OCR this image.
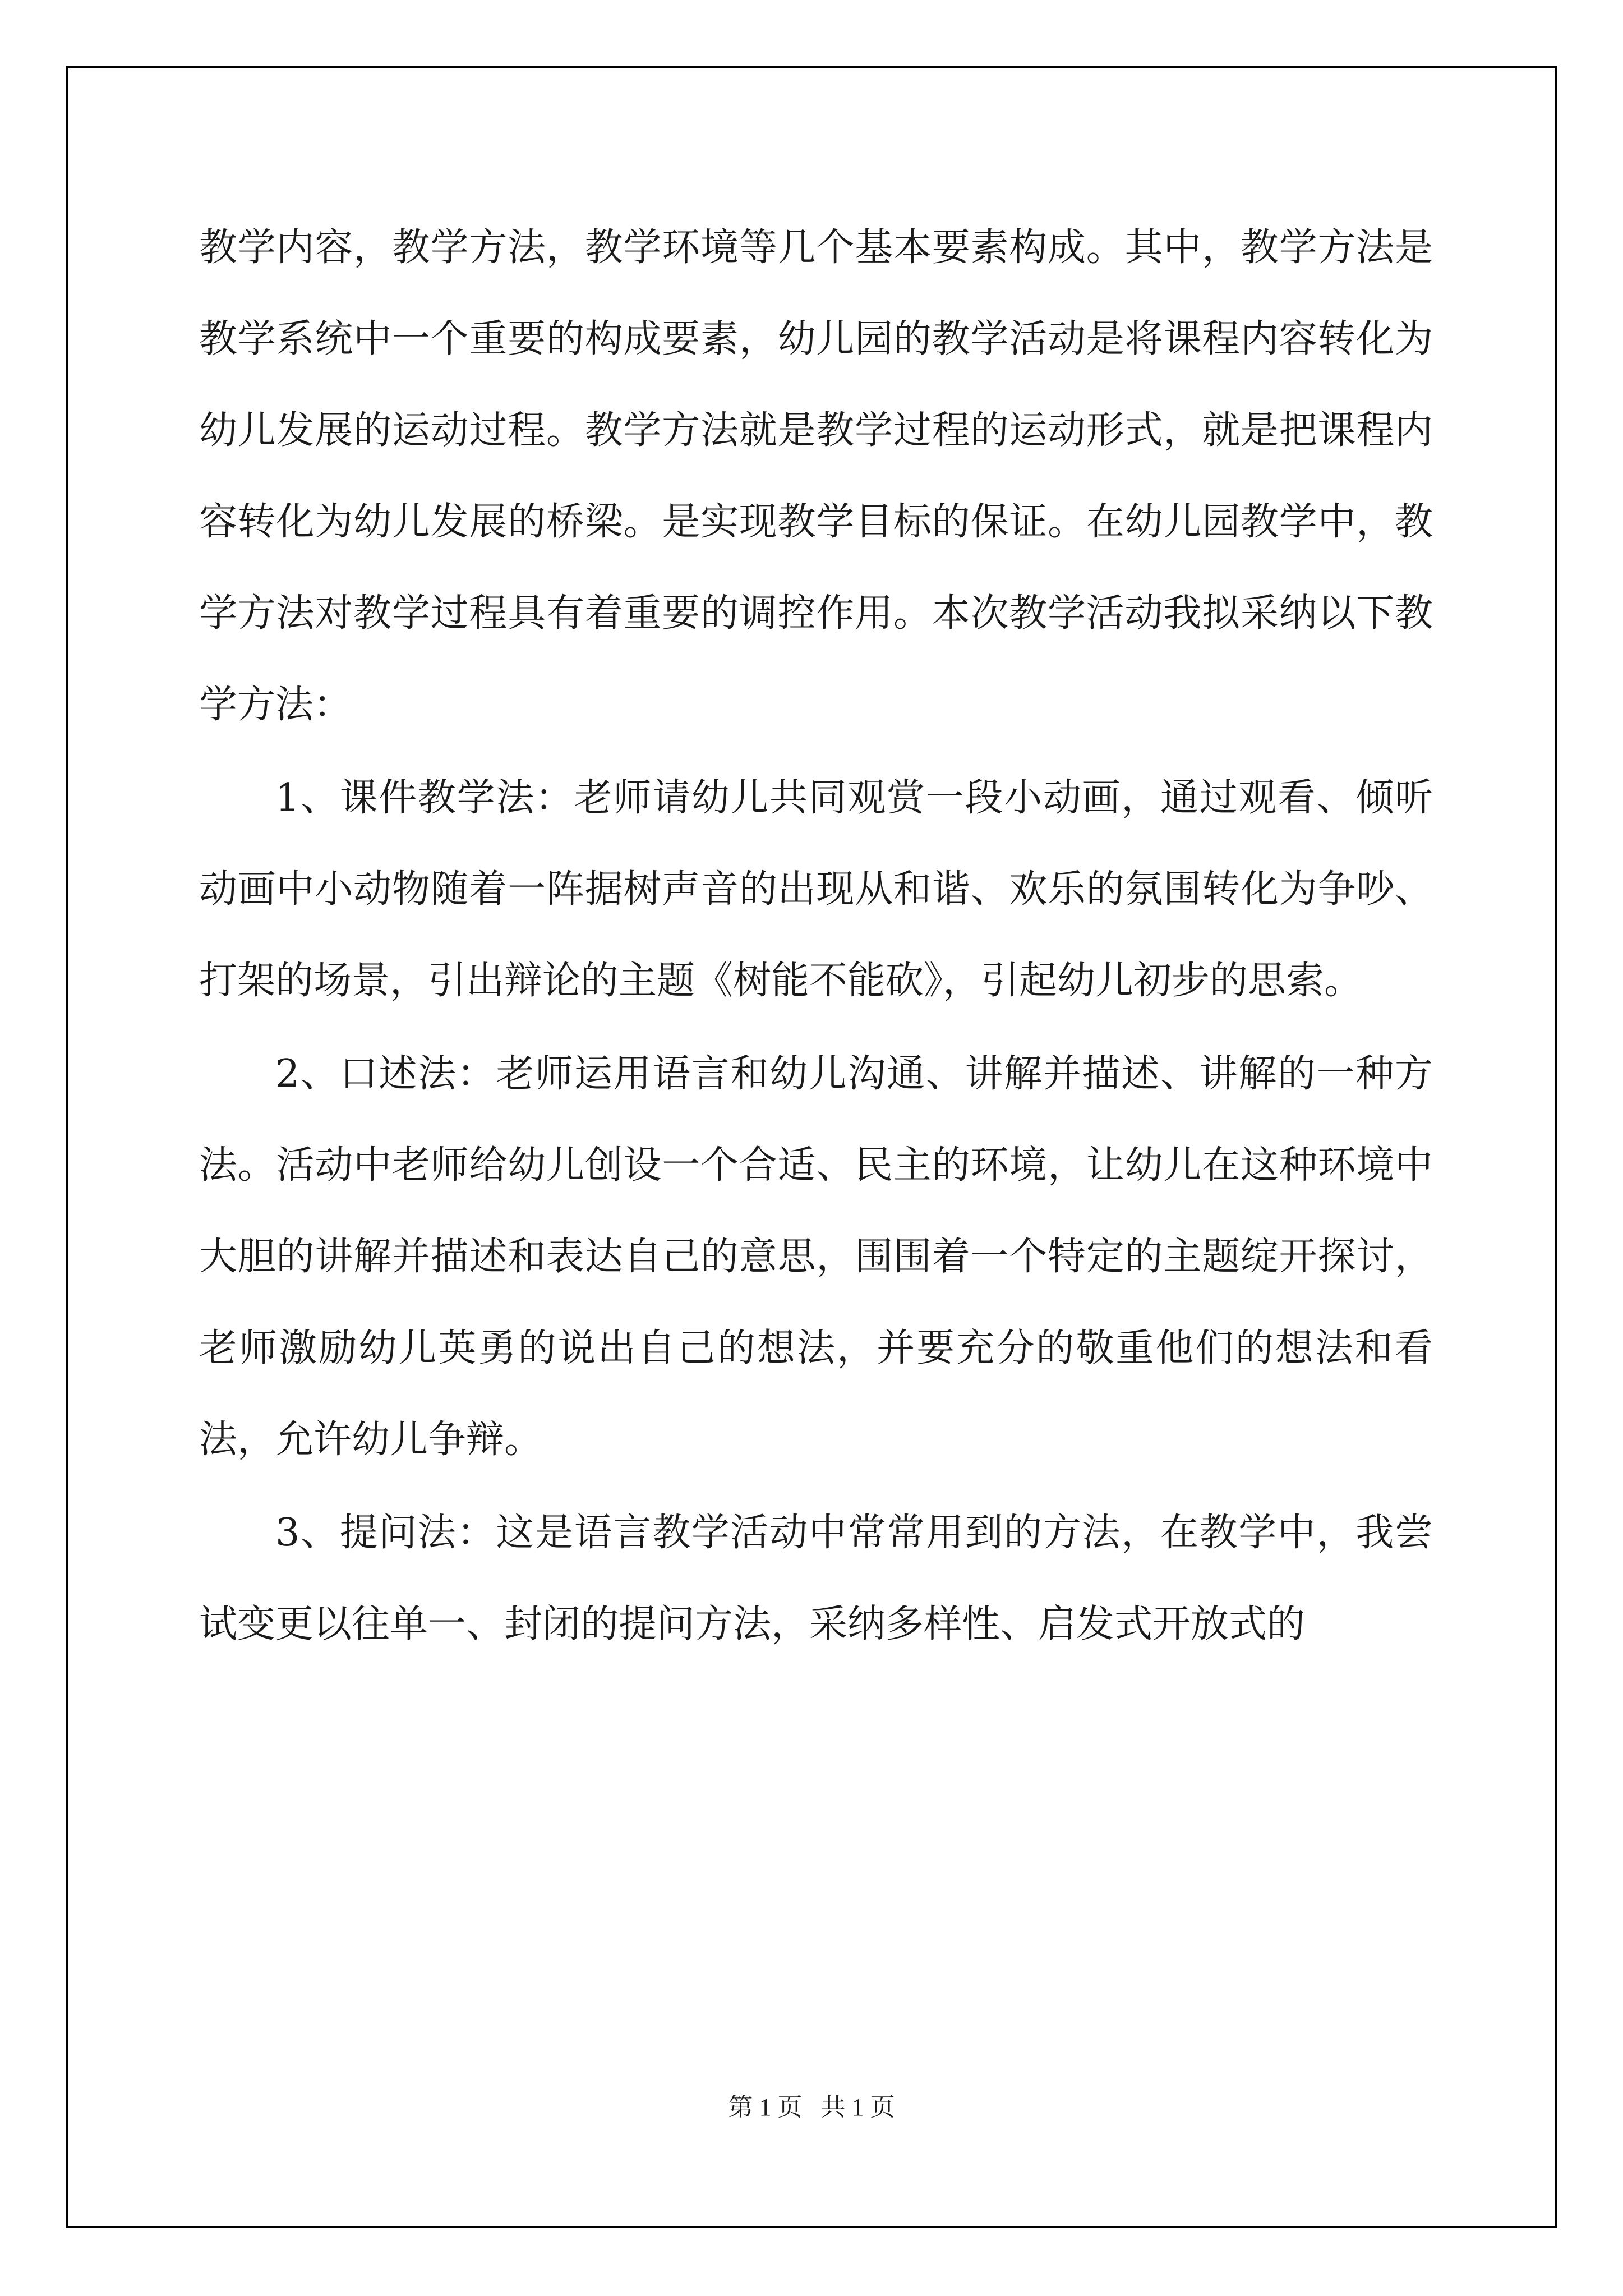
教学内容，教学方法，教学环境等几个基本要素构成。其中，教学方法是教学系统中一个重要的构成要素，幼儿园的教学活动是将课程内容转化为幼儿发展的运动过程。教学方法就是教学过程的运动形式，就是把课程内容转化为幼儿发展的桥梁。是实现教学目标的保证。在幼儿园教学中，教学方法对教学过程具有着重要的调控作用。本次教学活动我拟采纳以下教学方法：

1、课件教学法：老师请幼儿共同观赏一段小动画，通过观看、倾听动画中小动物随着一阵据树声音的出现从和谐、欢乐的氛围转化为争吵、打架的场景，引出辩论的主题《树能不能砍》，引起幼儿初步的思索。

2、口述法：老师运用语言和幼儿沟通、讲解并描述、讲解的一种方法。活动中老师给幼儿创设一个合适、民主的环境，让幼儿在这种环境中大胆的讲解并描述和表达自己的意思，围围着一个特定的主题绽开探讨，老师激励幼儿英勇的说出自己的想法，并要充分的敬重他们的想法和看法，允许幼儿争辩。

3、提问法：这是语言教学活动中常常用到的方法，在教学中，我尝试变更以往单一、封闭的提问方法，采纳多样性、启发式开放式的

第 1 页 共 1 页
